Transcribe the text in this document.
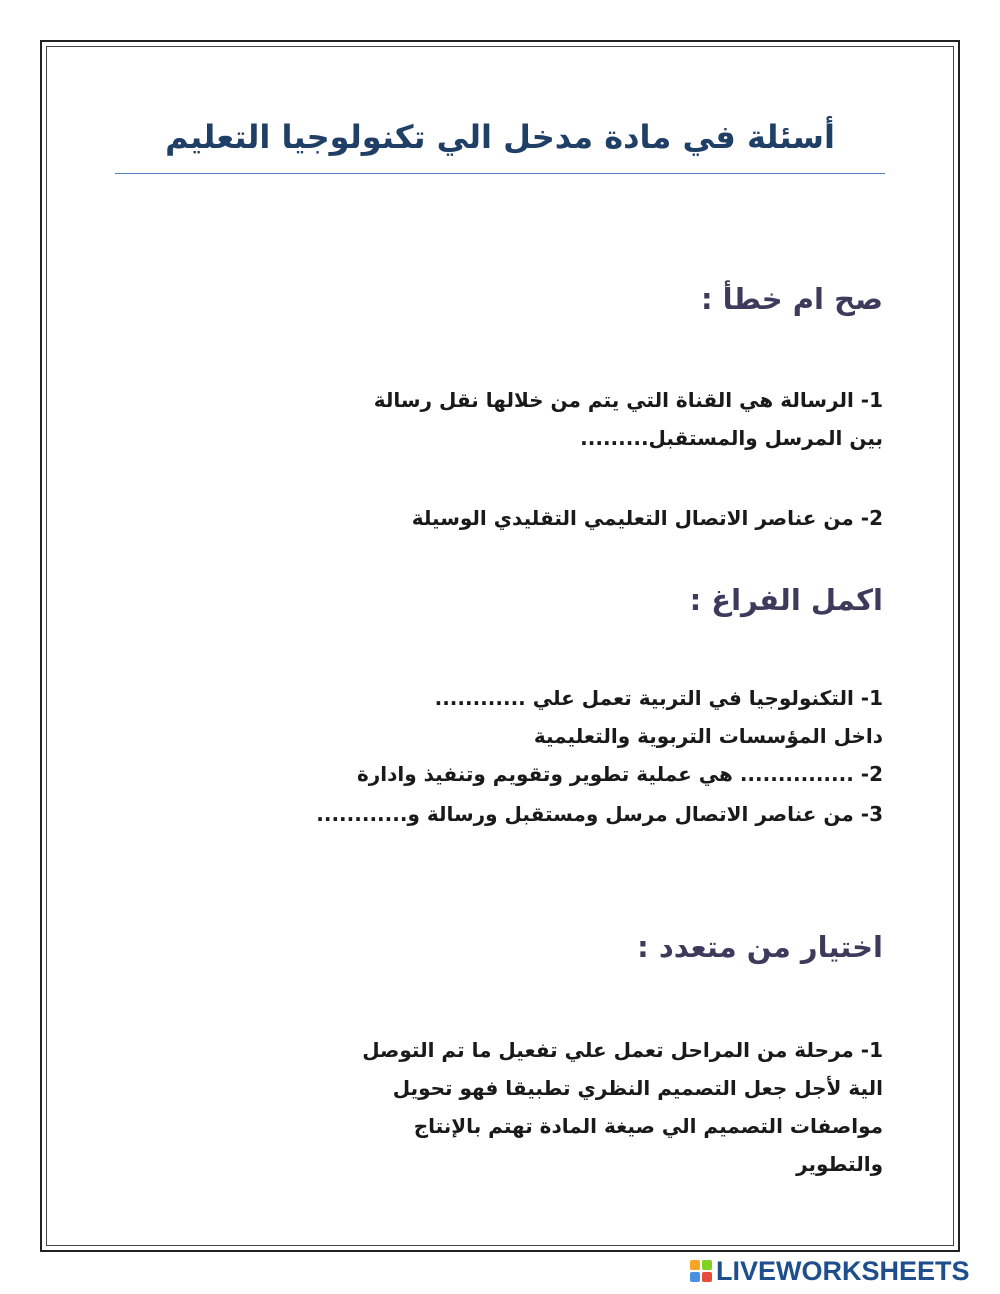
أسئلة في مادة مدخل الي تكنولوجيا التعليم
صح ام خطأ :

1- الرسالة هي القناة التي يتم من خلالها نقل رسالة بين المرسل والمستقبل.........

2- من عناصر الاتصال التعليمي التقليدي الوسيلة

اكمل الفراغ :

1- التكنولوجيا في التربية تعمل علي ............ داخل المؤسسات التربوية والتعليمية

2- ............... هي عملية تطوير وتقويم وتنفيذ وادارة

3- من عناصر الاتصال مرسل ومستقبل ورسالة و............

اختيار من متعدد :

1- مرحلة من المراحل تعمل علي تفعيل ما تم التوصل الية لأجل جعل التصميم النظري تطبيقا فهو تحويل مواصفات التصميم الي صيغة المادة تهتم بالإنتاج والتطوير

LIVEWORKSHEETS
